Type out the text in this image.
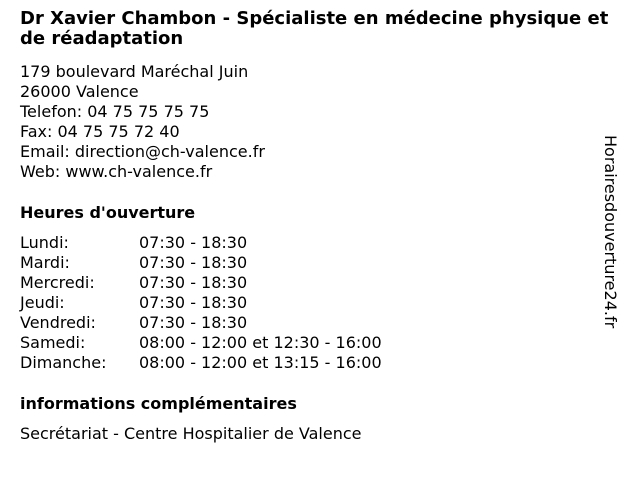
Dr Xavier Chambon - Spécialiste en médecine physique et de réadaptation
179 boulevard Maréchal Juin
26000 Valence
Telefon: 04 75 75 75 75
Fax: 04 75 75 72 40
Email: direction@ch-valence.fr
Web: www.ch-valence.fr
Heures d'ouverture
Lundi:	07:30 - 18:30
Mardi:	07:30 - 18:30
Mercredi:	07:30 - 18:30
Jeudi:	07:30 - 18:30
Vendredi:	07:30 - 18:30
Samedi:	08:00 - 12:00 et 12:30 - 16:00
Dimanche:	08:00 - 12:00 et 13:15 - 16:00
informations complémentaires
Secrétariat - Centre Hospitalier de Valence
Horairesdouverture24.fr
